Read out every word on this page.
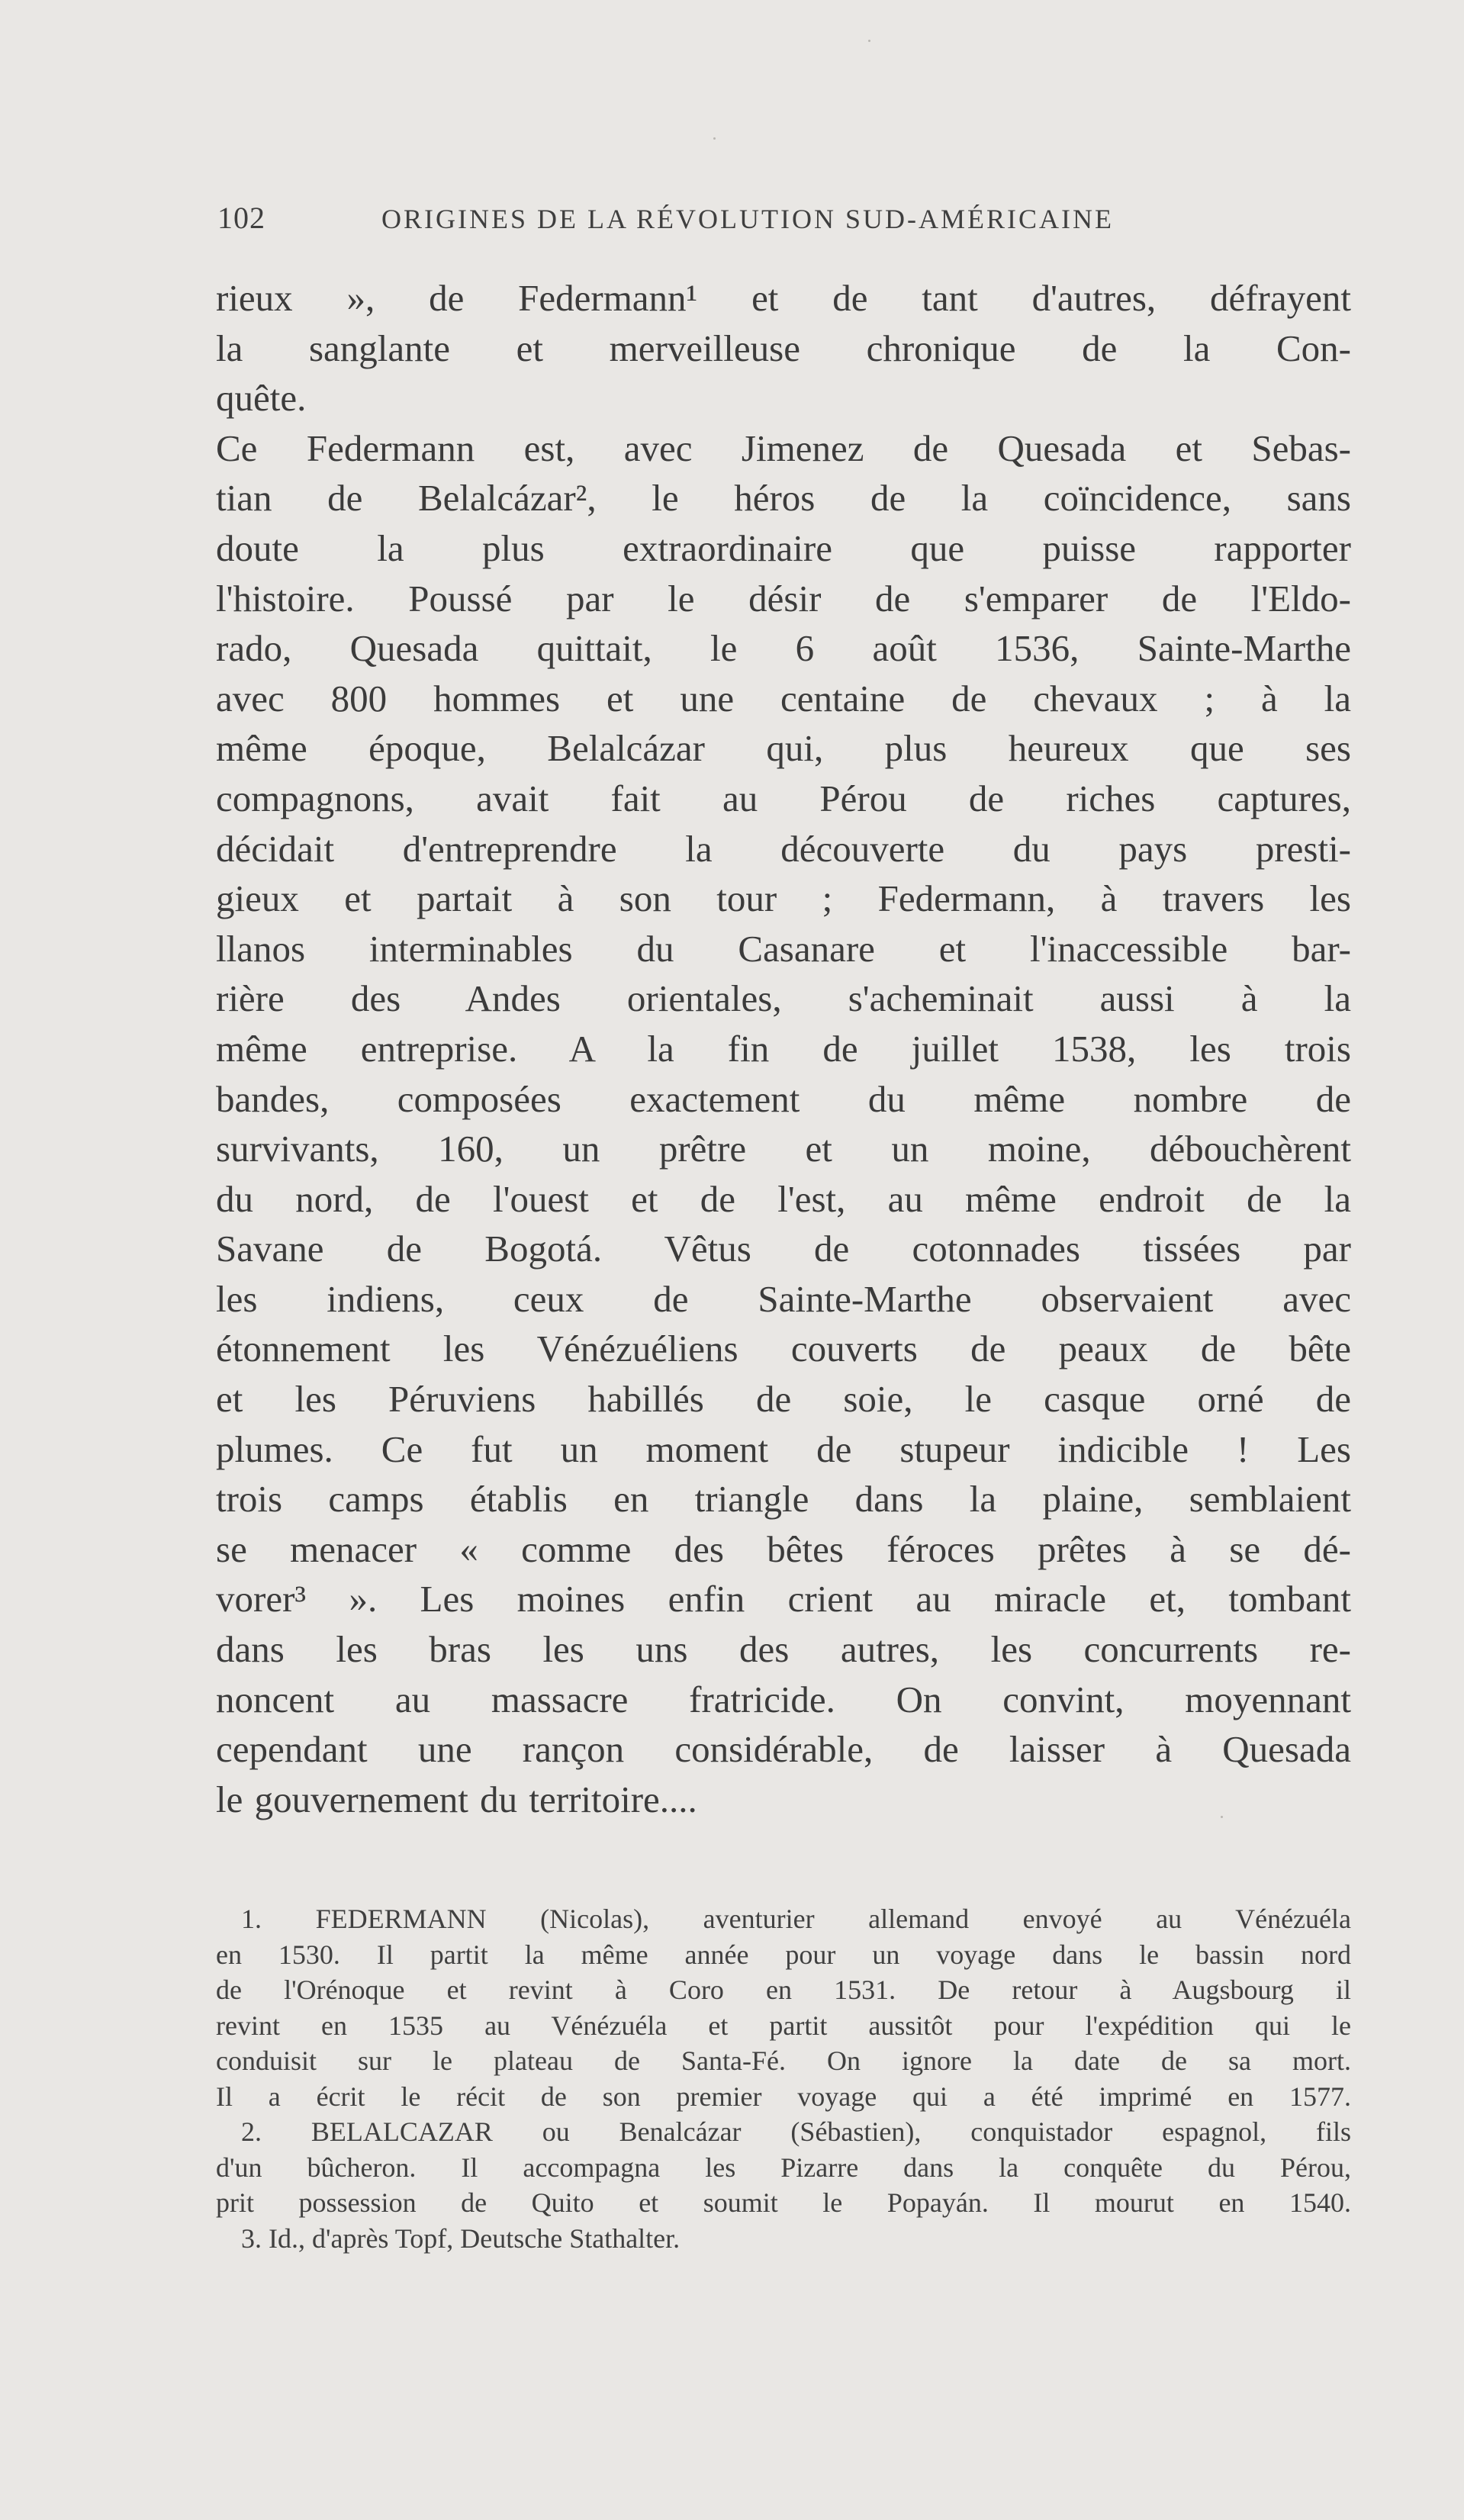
102	ORIGINES DE LA RÉVOLUTION SUD-AMÉRICAINE
rieux », de Federmann¹ et de tant d'autres, défrayent
la sanglante et merveilleuse chronique de la Con-
quête.
Ce Federmann est, avec Jimenez de Quesada et Sebas-
tian de Belalcázar², le héros de la coïncidence, sans
doute la plus extraordinaire que puisse rapporter
l'histoire. Poussé par le désir de s'emparer de l'Eldo-
rado, Quesada quittait, le 6 août 1536, Sainte-Marthe
avec 800 hommes et une centaine de chevaux ; à la
même époque, Belalcázar qui, plus heureux que ses
compagnons, avait fait au Pérou de riches captures,
décidait d'entreprendre la découverte du pays presti-
gieux et partait à son tour ; Federmann, à travers les
llanos interminables du Casanare et l'inaccessible bar-
rière des Andes orientales, s'acheminait aussi à la
même entreprise. A la fin de juillet 1538, les trois
bandes, composées exactement du même nombre de
survivants, 160, un prêtre et un moine, débouchèrent
du nord, de l'ouest et de l'est, au même endroit de la
Savane de Bogotá. Vêtus de cotonnades tissées par
les indiens, ceux de Sainte-Marthe observaient avec
étonnement les Vénézuéliens couverts de peaux de bête
et les Péruviens habillés de soie, le casque orné de
plumes. Ce fut un moment de stupeur indicible ! Les
trois camps établis en triangle dans la plaine, semblaient
se menacer « comme des bêtes féroces prêtes à se dé-
vorer³ ». Les moines enfin crient au miracle et, tombant
dans les bras les uns des autres, les concurrents re-
noncent au massacre fratricide. On convint, moyennant
cependant une rançon considérable, de laisser à Quesada
le gouvernement du territoire....
1. FEDERMANN (Nicolas), aventurier allemand envoyé au Vénézuéla
en 1530. Il partit la même année pour un voyage dans le bassin nord
de l'Orénoque et revint à Coro en 1531. De retour à Augsbourg il
revint en 1535 au Vénézuéla et partit aussitôt pour l'expédition qui le
conduisit sur le plateau de Santa-Fé. On ignore la date de sa mort.
Il a écrit le récit de son premier voyage qui a été imprimé en 1577.
2. BELALCAZAR ou Benalcázar (Sébastien), conquistador espagnol, fils
d'un bûcheron. Il accompagna les Pizarre dans la conquête du Pérou,
prit possession de Quito et soumit le Popayán. Il mourut en 1540.
3. Id., d'après Topf, Deutsche Stathalter.
